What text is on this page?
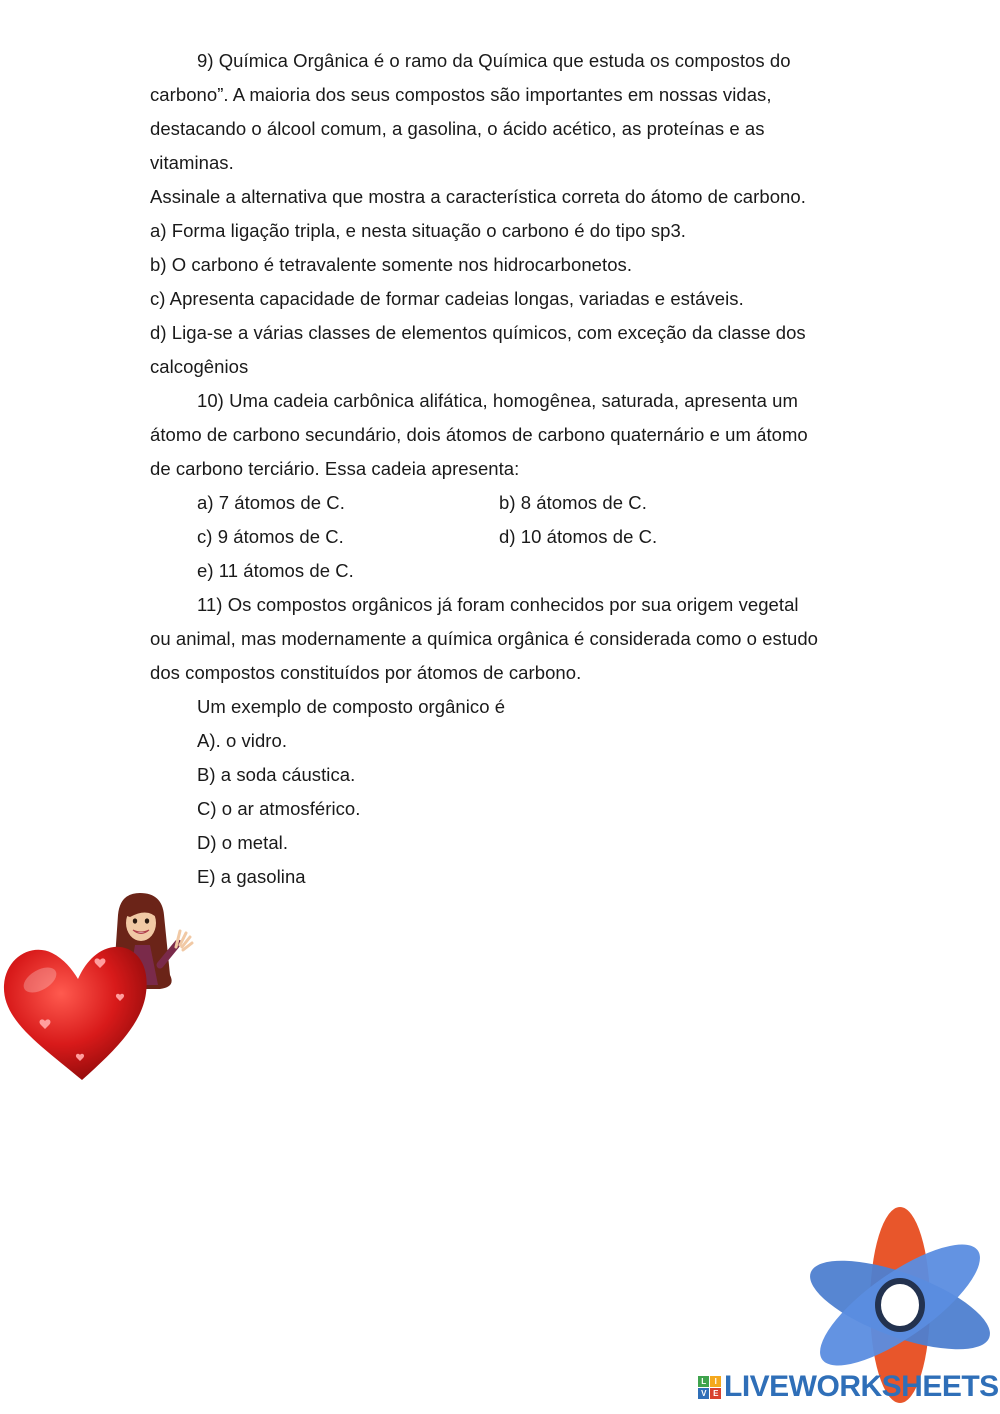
9) Química Orgânica é o ramo da Química que estuda os compostos do
carbono”. A maioria dos seus compostos são importantes em nossas vidas,
destacando o álcool comum, a gasolina, o ácido acético, as proteínas e as
vitaminas.
Assinale a alternativa que mostra a característica correta do átomo de carbono.
a) Forma ligação tripla, e nesta situação o carbono é do tipo sp3.
b) O carbono é tetravalente somente nos hidrocarbonetos.
c) Apresenta capacidade de formar cadeias longas, variadas e estáveis.
d) Liga-se a várias classes de elementos químicos, com exceção da classe dos
calcogênios
10) Uma cadeia carbônica alifática, homogênea, saturada, apresenta um
átomo de carbono secundário, dois átomos de carbono quaternário e um átomo
de carbono terciário. Essa cadeia apresenta:
a) 7 átomos de C.	b) 8 átomos de C.
c) 9 átomos de C.	d) 10 átomos de C.
e) 11 átomos de C.
11) Os compostos orgânicos já foram conhecidos por sua origem vegetal
ou animal, mas modernamente a química orgânica é considerada como o estudo
dos compostos constituídos por átomos de carbono.
Um exemplo de composto orgânico é
A). o vidro.
B) a soda cáustica.
C) o ar atmosférico.
D) o metal.
E) a gasolina
L	I
V E LIVEWORKSHEETS
